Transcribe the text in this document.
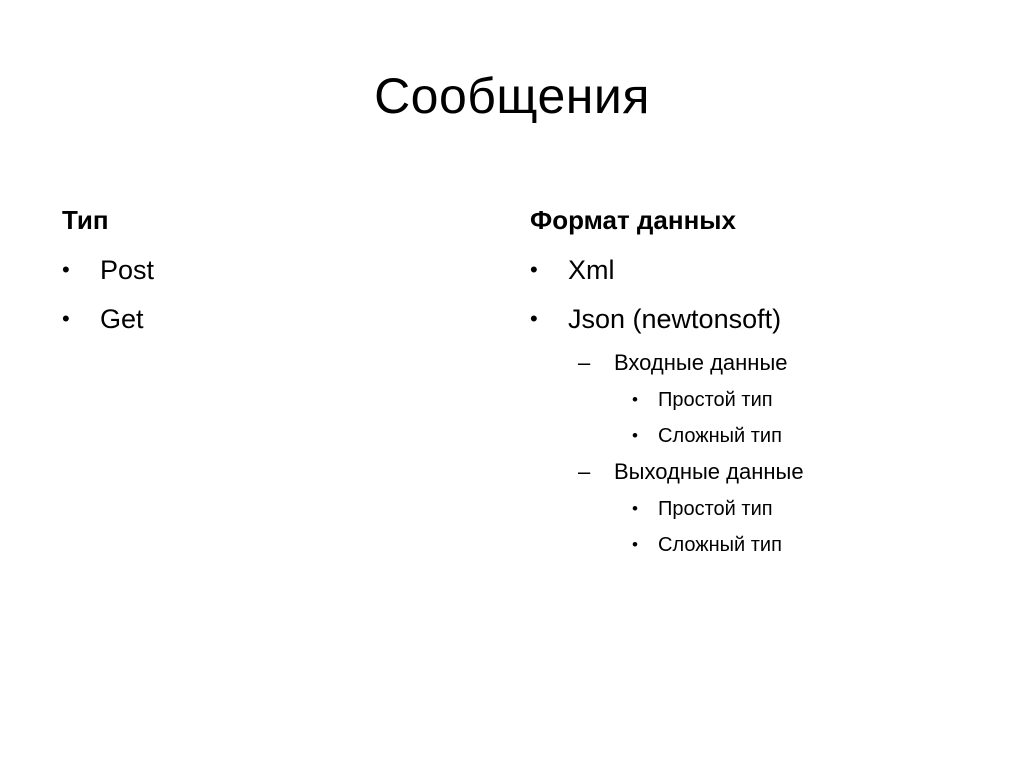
Сообщения
Тип
• Post
• Get
Формат данных
• Xml
• Json (newtonsoft)
– Входные данные
• Простой тип
• Сложный тип
– Выходные данные
• Простой тип
• Сложный тип
